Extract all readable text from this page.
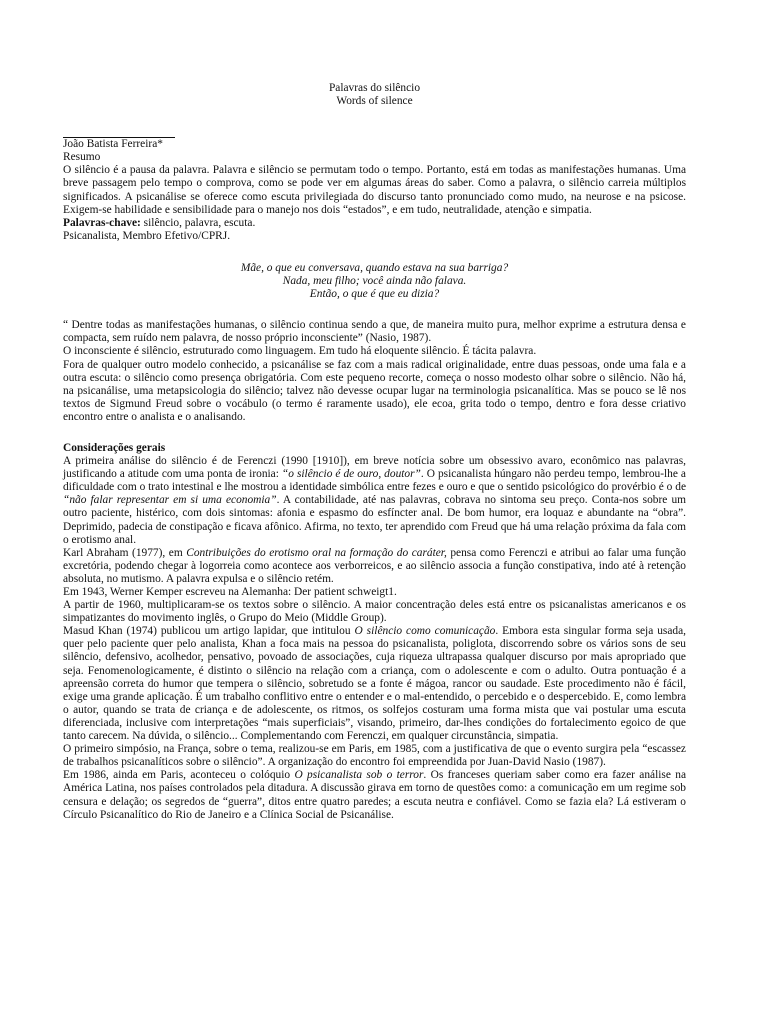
Palavras do silêncio

Words of silence

João Batista Ferreira*

Resumo

O silêncio é a pausa da palavra. Palavra e silêncio se permutam todo o tempo. Portanto, está em todas as manifestações humanas. Uma breve passagem pelo tempo o comprova, como se pode ver em algumas áreas do saber. Como a palavra, o silêncio carreia múltiplos significados. A psicanálise se oferece como escuta privilegiada do discurso tanto pronunciado como mudo, na neurose e na psicose. Exigem-se habilidade e sensibilidade para o manejo nos dois “estados”, e em tudo, neutralidade, atenção e simpatia.

Palavras-chave: silêncio, palavra, escuta.

Psicanalista, Membro Efetivo/CPRJ.

Mãe, o que eu conversava, quando estava na sua barriga?

Nada, meu filho; você ainda não falava.

Então, o que é que eu dizia?

“ Dentre todas as manifestações humanas, o silêncio continua sendo a que, de maneira muito pura, melhor exprime a estrutura densa e compacta, sem ruído nem palavra, de nosso próprio inconsciente” (Nasio, 1987).

O inconsciente é silêncio, estruturado como linguagem. Em tudo há eloquente silêncio. É tácita palavra.

Fora de qualquer outro modelo conhecido, a psicanálise se faz com a mais radical originalidade, entre duas pessoas, onde uma fala e a outra escuta: o silêncio como presença obrigatória. Com este pequeno recorte, começa o nosso modesto olhar sobre o silêncio. Não há, na psicanálise, uma metapsicologia do silêncio; talvez não devesse ocupar lugar na terminologia psicanalítica. Mas se pouco se lê nos textos de Sigmund Freud sobre o vocábulo (o termo é raramente usado), ele ecoa, grita todo o tempo, dentro e fora desse criativo encontro entre o analista e o analisando.

Considerações gerais

A primeira análise do silêncio é de Ferenczi (1990 [1910]), em breve notícia sobre um obsessivo avaro, econômico nas palavras, justificando a atitude com uma ponta de ironia: “o silêncio é de ouro, doutor”. O psicanalista húngaro não perdeu tempo, lembrou-lhe a dificuldade com o trato intestinal e lhe mostrou a identidade simbólica entre fezes e ouro e que o sentido psicológico do provérbio é o de “não falar representar em si uma economia”. A contabilidade, até nas palavras, cobrava no sintoma seu preço. Conta-nos sobre um outro paciente, histérico, com dois sintomas: afonia e espasmo do esfíncter anal. De bom humor, era loquaz e abundante na “obra”. Deprimido, padecia de constipação e ficava afônico. Afirma, no texto, ter aprendido com Freud que há uma relação próxima da fala com o erotismo anal.

Karl Abraham (1977), em Contribuições do erotismo oral na formação do caráter, pensa como Ferenczi e atribui ao falar uma função excretória, podendo chegar à logorreia como acontece aos verborreicos, e ao silêncio associa a função constipativa, indo até à retenção absoluta, no mutismo. A palavra expulsa e o silêncio retém.

Em 1943, Werner Kemper escreveu na Alemanha: Der patient schweigt1.

A partir de 1960, multiplicaram-se os textos sobre o silêncio. A maior concentração deles está entre os psicanalistas americanos e os simpatizantes do movimento inglês, o Grupo do Meio (Middle Group).

Masud Khan (1974) publicou um artigo lapidar, que intitulou O silêncio como comunicação. Embora esta singular forma seja usada, quer pelo paciente quer pelo analista, Khan a foca mais na pessoa do psicanalista, poliglota, discorrendo sobre os vários sons de seu silêncio, defensivo, acolhedor, pensativo, povoado de associações, cuja riqueza ultrapassa qualquer discurso por mais apropriado que seja. Fenomenologicamente, é distinto o silêncio na relação com a criança, com o adolescente e com o adulto. Outra pontuação é a apreensão correta do humor que tempera o silêncio, sobretudo se a fonte é mágoa, rancor ou saudade. Este procedimento não é fácil, exige uma grande aplicação. É um trabalho conflitivo entre o entender e o mal-entendido, o percebido e o despercebido. E, como lembra o autor, quando se trata de criança e de adolescente, os ritmos, os solfejos costuram uma forma mista que vai postular uma escuta diferenciada, inclusive com interpretações “mais superficiais”, visando, primeiro, dar-lhes condições do fortalecimento egoico de que tanto carecem. Na dúvida, o silêncio... Complementando com Ferenczi, em qualquer circunstância, simpatia.

O primeiro simpósio, na França, sobre o tema, realizou-se em Paris, em 1985, com a justificativa de que o evento surgira pela “escassez de trabalhos psicanalíticos sobre o silêncio”. A organização do encontro foi empreendida por Juan-David Nasio (1987).

Em 1986, ainda em Paris, aconteceu o colóquio O psicanalista sob o terror. Os franceses queriam saber como era fazer análise na América Latina, nos países controlados pela ditadura. A discussão girava em torno de questões como: a comunicação em um regime sob censura e delação; os segredos de “guerra”, ditos entre quatro paredes; a escuta neutra e confiável. Como se fazia ela? Lá estiveram o Círculo Psicanalítico do Rio de Janeiro e a Clínica Social de Psicanálise.
